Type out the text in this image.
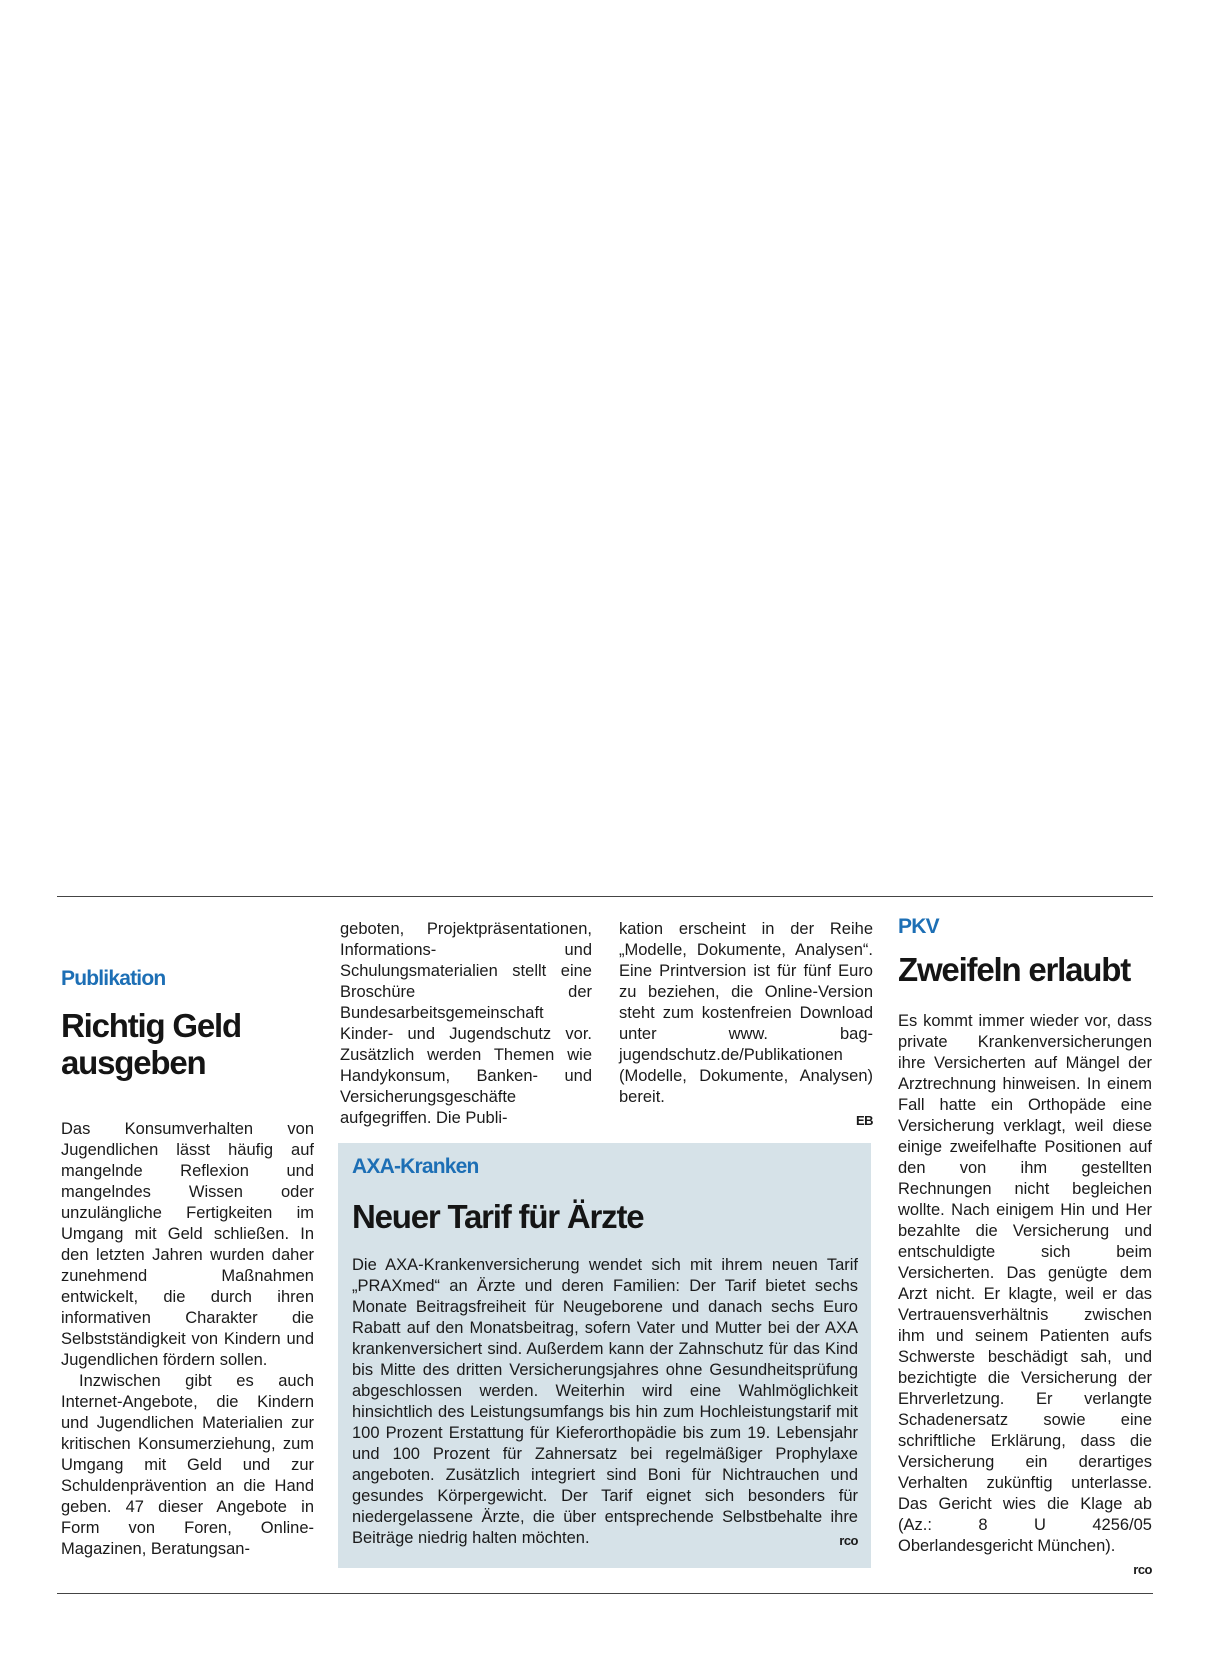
Publikation
Richtig Geld ausgeben

Das Konsumverhalten von Jugendlichen lässt häufig auf mangelnde Reflexion und mangelndes Wissen oder unzulängliche Fertigkeiten im Umgang mit Geld schließen. In den letzten Jahren wurden daher zunehmend Maßnahmen entwickelt, die durch ihren informativen Charakter die Selbstständigkeit von Kindern und Jugendlichen fördern sollen.

Inzwischen gibt es auch Internet-Angebote, die Kindern und Jugendlichen Materialien zur kritischen Konsumerziehung, zum Umgang mit Geld und zur Schuldenprävention an die Hand geben. 47 dieser Angebote in Form von Foren, Online-Magazinen, Beratungsan-

geboten, Projektpräsentationen, Informations- und Schulungsmaterialien stellt eine Broschüre der Bundesarbeitsgemeinschaft Kinder- und Jugendschutz vor. Zusätzlich werden Themen wie Handykonsum, Banken- und Versicherungsgeschäfte aufgegriffen. Die Publi-

kation erscheint in der Reihe „Modelle, Dokumente, Analysen“. Eine Printversion ist für fünf Euro zu beziehen, die Online-Version steht zum kostenfreien Download unter www. bag-jugendschutz.de/Publikationen (Modelle, Dokumente, Analysen) bereit.

EB
AXA-Kranken
Neuer Tarif für Ärzte

Die AXA-Krankenversicherung wendet sich mit ihrem neuen Tarif „PRAXmed“ an Ärzte und deren Familien: Der Tarif bietet sechs Monate Beitragsfreiheit für Neugeborene und danach sechs Euro Rabatt auf den Monatsbeitrag, sofern Vater und Mutter bei der AXA krankenversichert sind. Außerdem kann der Zahnschutz für das Kind bis Mitte des dritten Versicherungsjahres ohne Gesundheitsprüfung abgeschlossen werden. Weiterhin wird eine Wahlmöglichkeit hinsichtlich des Leistungsumfangs bis hin zum Hochleistungstarif mit 100 Prozent Erstattung für Kieferorthopädie bis zum 19. Lebensjahr und 100 Prozent für Zahnersatz bei regelmäßiger Prophylaxe angeboten. Zusätzlich integriert sind Boni für Nichtrauchen und gesundes Körpergewicht. Der Tarif eignet sich besonders für niedergelassene Ärzte, die über entsprechende Selbstbehalte ihre Beiträge niedrig halten möchten.	rco

PKV
Zweifeln erlaubt

Es kommt immer wieder vor, dass private Krankenversicherungen ihre Versicherten auf Mängel der Arztrechnung hinweisen. In einem Fall hatte ein Orthopäde eine Versicherung verklagt, weil diese einige zweifelhafte Positionen auf den von ihm gestellten Rechnungen nicht begleichen wollte. Nach einigem Hin und Her bezahlte die Versicherung und entschuldigte sich beim Versicherten. Das genügte dem Arzt nicht. Er klagte, weil er das Vertrauensverhältnis zwischen ihm und seinem Patienten aufs Schwerste beschädigt sah, und bezichtigte die Versicherung der Ehrverletzung. Er verlangte Schadenersatz sowie eine schriftliche Erklärung, dass die Versicherung ein derartiges Verhalten zukünftig unterlasse. Das Gericht wies die Klage ab (Az.: 8 U 4256/05 Oberlandesgericht München).

rco
